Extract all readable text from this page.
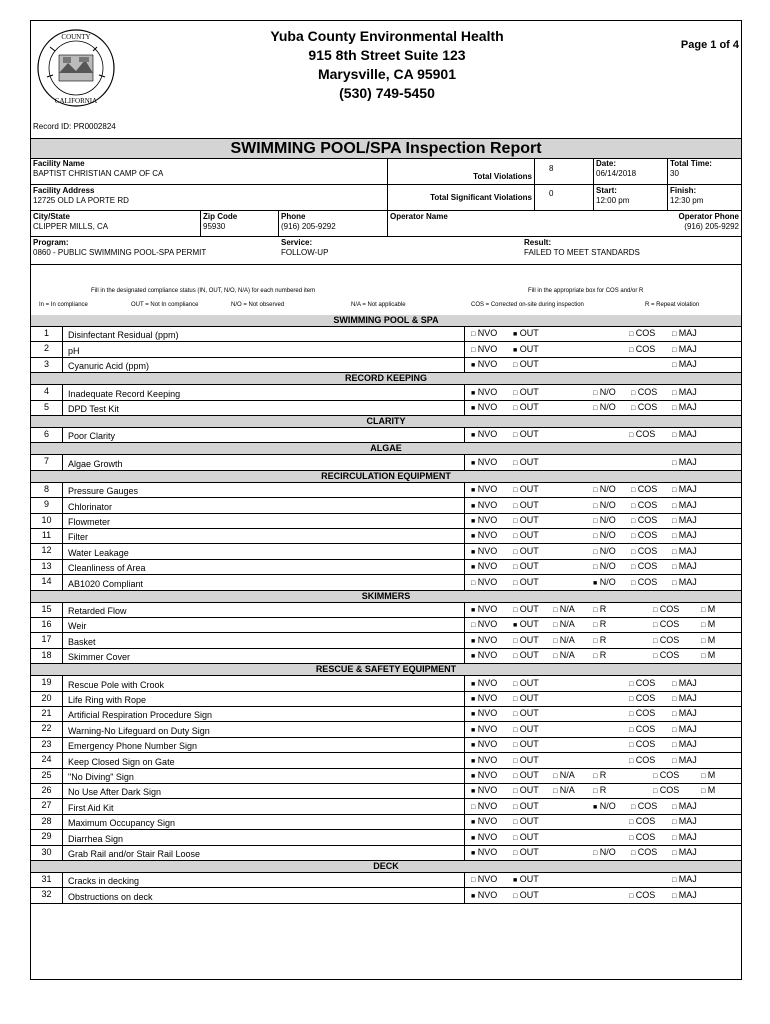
COUNTY
CALIFORNIA
Yuba County Environmental Health
915 8th Street Suite 123
Marysville, CA 95901
(530) 749-5450
Page 1 of 4
Record ID: PR0002824
SWIMMING POOL/SPA Inspection Report
Facility Name
BAPTIST CHRISTIAN CAMP OF CA	Total Violations
8
Date:
06/14/2018
Total Time:
30
Facility Address
12725 OLD LA PORTE RD	Total Significant Violations	0	Start:
12:00 pm
Finish:
12:30 pm
City/State
CLIPPER MILLS, CA
Zip Code
95930
Phone
(916) 205-9292
Operator Name	Operator Phone
(916) 205-9292
Program:
0860 - PUBLIC SWIMMING POOL-SPA PERMIT
Service:
FOLLOW-UP
Result:
FAILED TO MEET STANDARDS
Fill in the designated compliance status (IN, OUT, N/O, N/A) for each numbered item	Fill in the appropriate box for COS and/or R
In = In compliance	OUT = Not In compliance	N/O = Not observed	N/A = Not applicable	COS = Corrected on-site during inspection	R = Repeat violation
SWIMMING POOL & SPA
1	Disinfectant Residual (ppm)	□ NVO ■ OUT	□ COS □ MAJ
2	pH	□ NVO ■ OUT	□ COS □ MAJ
3	Cyanuric Acid (ppm)	■ NVO □ OUT	□ MAJ
RECORD KEEPING
4	Inadequate Record Keeping	■ NVO □ OUT	□ N/O □ COS □ MAJ
5	DPD Test Kit	■ NVO □ OUT	□ N/O □ COS □ MAJ
CLARITY
6	Poor Clarity	■ NVO □ OUT	□ COS □ MAJ
ALGAE
7	Algae Growth	■ NVO □ OUT	□ MAJ
RECIRCULATION EQUIPMENT
8	Pressure Gauges	■ NVO □ OUT	□ N/O □ COS □ MAJ
9	Chlorinator	■ NVO □ OUT	□ N/O □ COS □ MAJ
10	Flowmeter	■ NVO □ OUT	□ N/O □ COS □ MAJ
11	Filter	■ NVO □ OUT	□ N/O □ COS □ MAJ
12	Water Leakage	■ NVO □ OUT	□ N/O □ COS □ MAJ
13	Cleanliness of Area	■ NVO □ OUT	□ N/O □ COS □ MAJ
14	AB1020 Compliant	□ NVO □ OUT	■ N/O □ COS □ MAJ
SKIMMERS
15	Retarded Flow	■ NVO □ OUT □ N/A	□ R	□ COS	□ M
16	Weir	□ NVO ■ OUT □ N/A	□ R	□ COS	□ M
17	Basket	■ NVO □ OUT □ N/A	□ R	□ COS	□ M
18	Skimmer Cover	■ NVO □ OUT □ N/A	□ R	□ COS	□ M
RESCUE & SAFETY EQUIPMENT
19	Rescue Pole with Crook	■ NVO □ OUT	□ COS □ MAJ
20	Life Ring with Rope	■ NVO □ OUT	□ COS □ MAJ
21	Artificial Respiration Procedure Sign	■ NVO □ OUT	□ COS □ MAJ
22	Warning-No Lifeguard on Duty Sign	■ NVO □ OUT	□ COS □ MAJ
23	Emergency Phone Number Sign	■ NVO □ OUT	□ COS □ MAJ
24	Keep Closed Sign on Gate	■ NVO □ OUT	□ COS □ MAJ
25	"No Diving" Sign	■ NVO □ OUT □ N/A	□ R	□ COS	□ M
26	No Use After Dark Sign	■ NVO □ OUT □ N/A	□ R	□ COS	□ M
27	First Aid Kit	□ NVO □ OUT	■ N/O □ COS □ MAJ
28	Maximum Occupancy Sign	■ NVO □ OUT	□ COS □ MAJ
29	Diarrhea Sign	■ NVO □ OUT	□ COS □ MAJ
30	Grab Rail and/or Stair Rail Loose	■ NVO □ OUT	□ N/O □ COS □ MAJ
DECK
31	Cracks in decking	□ NVO ■ OUT	□ MAJ
32	Obstructions on deck	■ NVO □ OUT	□ COS □ MAJ
